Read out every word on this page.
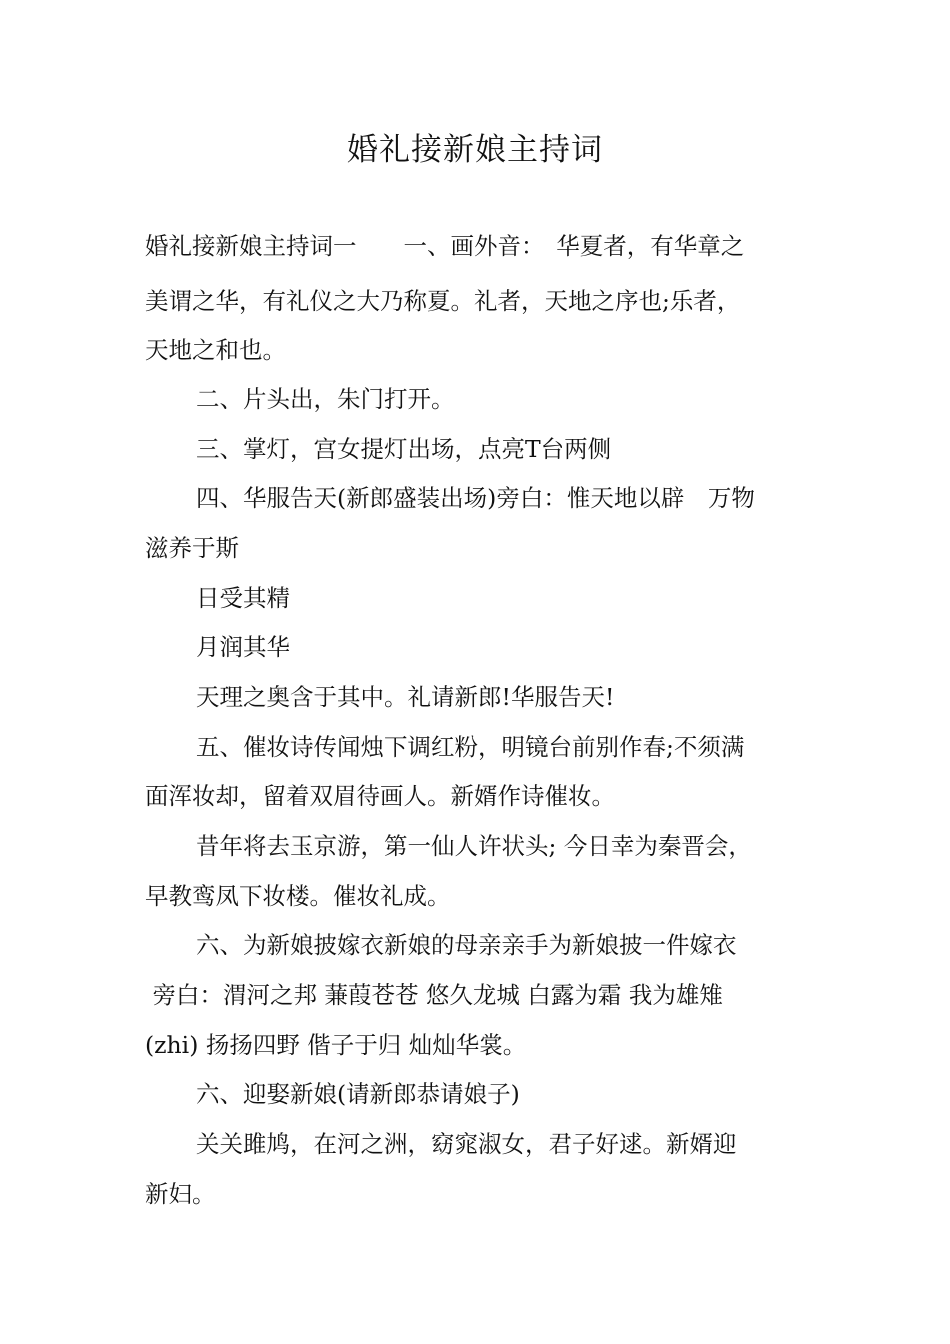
婚礼接新娘主持词
婚礼接新娘主持词一　　一、画外音：　华夏者，有华章之
美谓之华，有礼仪之大乃称夏。礼者，天地之序也;乐者，
天地之和也。
二、片头出，朱门打开。
三、掌灯，宫女提灯出场，点亮T台两侧
四、华服告天(新郎盛装出场)旁白：惟天地以辟　万物
滋养于斯
日受其精
月润其华
天理之奥含于其中。礼请新郎!华服告天!
五、催妆诗传闻烛下调红粉，明镜台前别作春;不须满
面浑妆却，留着双眉待画人。新婿作诗催妆。
昔年将去玉京游，第一仙人许状头; 今日幸为秦晋会，
早教鸾凤下妆楼。催妆礼成。
六、为新娘披嫁衣新娘的母亲亲手为新娘披一件嫁衣
旁白：渭河之邦 蒹葭苍苍 悠久龙城 白露为霜 我为雄雉
(zhi) 扬扬四野 偕子于归 灿灿华裳。
六、迎娶新娘(请新郎恭请娘子)
关关雎鸠，在河之洲，窈窕淑女，君子好逑。新婿迎
新妇。
